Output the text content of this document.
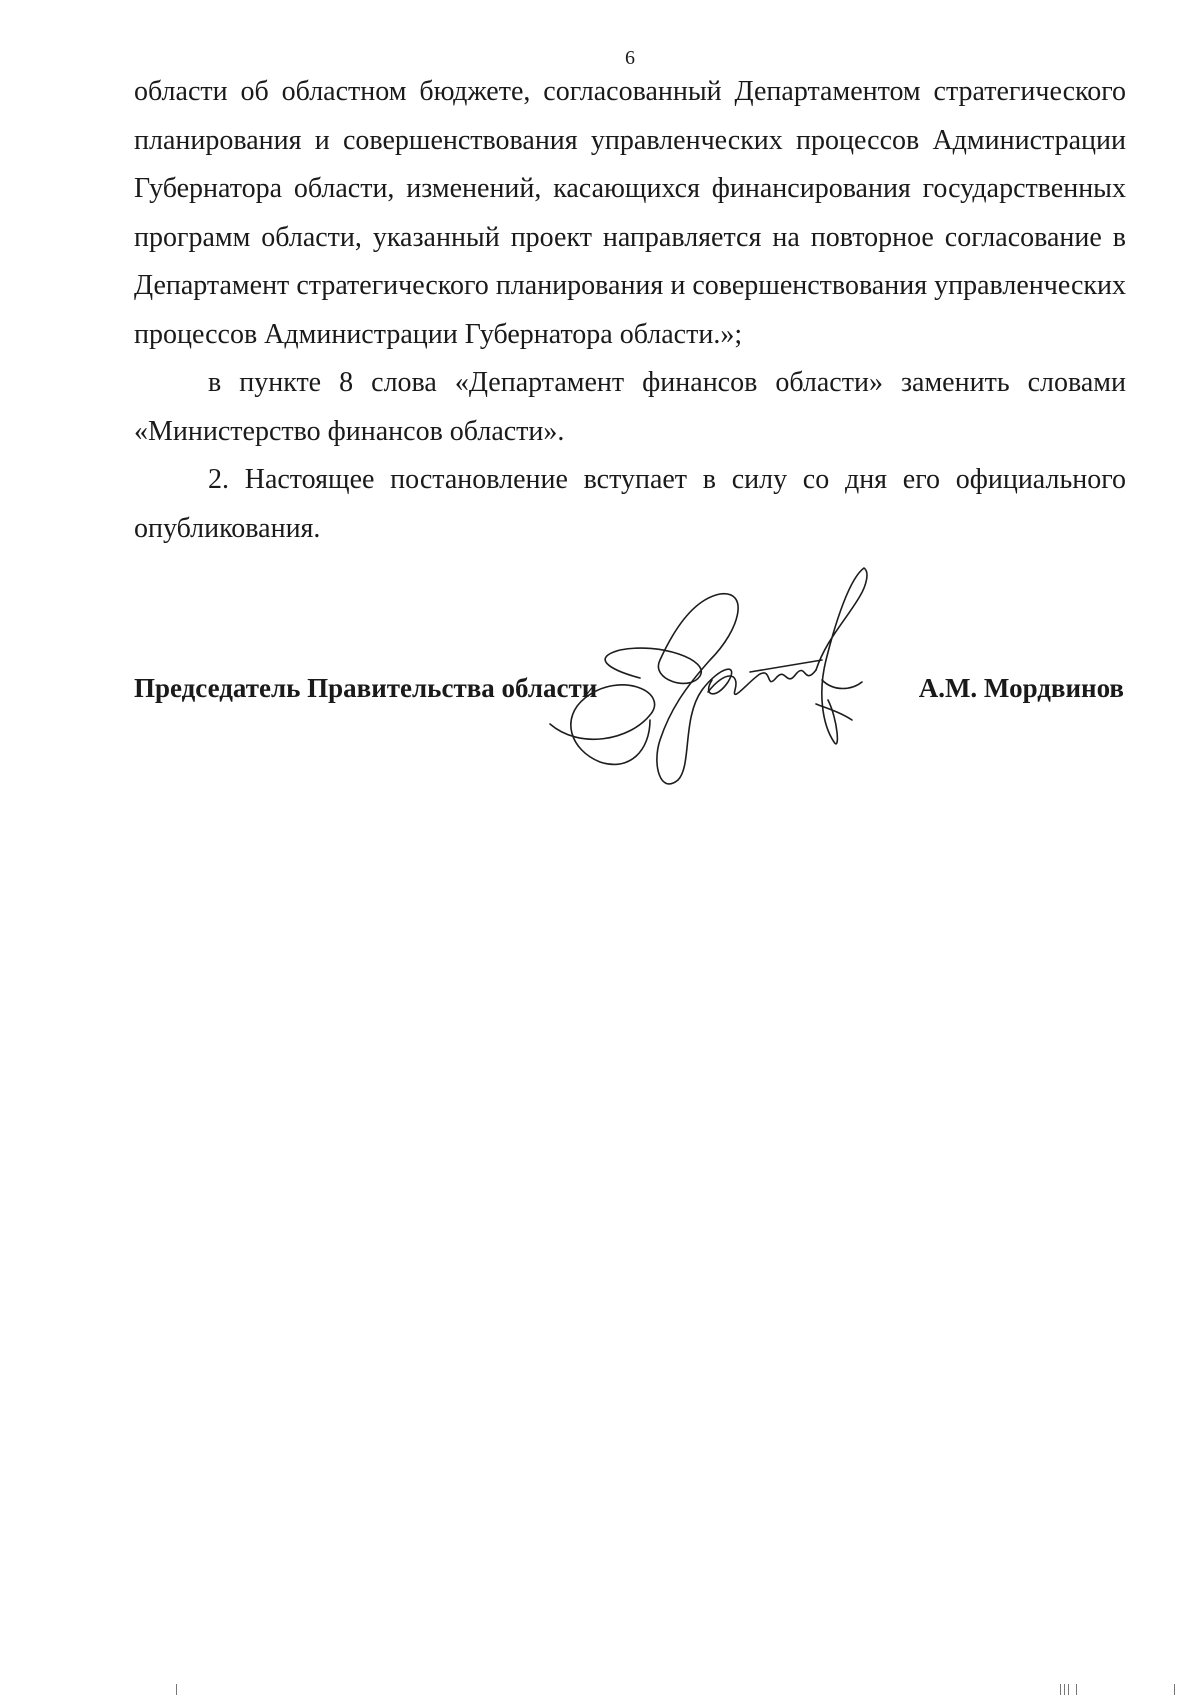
6

области об областном бюджете, согласованный Департаментом стратегического планирования и совершенствования управленческих процессов Администрации Губернатора области, изменений, касающихся финансирования государственных программ области, указанный проект направляется на повторное согласование в Департамент стратегического планирования и совершенствования управленческих процессов Администрации Губернатора области.»;

в пункте 8 слова «Департамент финансов области» заменить словами «Министерство финансов области».

2. Настоящее постановление вступает в силу со дня его официального опубликования.

Председатель Правительства области	А.М. Мордвинов
